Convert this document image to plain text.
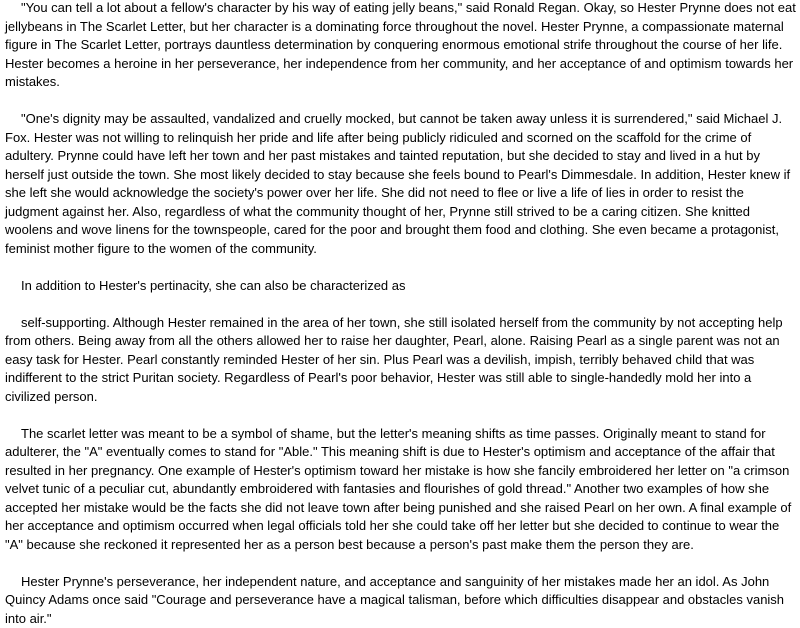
"You can tell a lot about a fellow's character by his way of eating jelly beans," said Ronald Regan. Okay, so Hester Prynne does not eat jellybeans in The Scarlet Letter, but her character is a dominating force throughout the novel. Hester Prynne, a compassionate maternal figure in The Scarlet Letter, portrays dauntless determination by conquering enormous emotional strife throughout the course of her life. Hester becomes a heroine in her perseverance, her independence from her community, and her acceptance of and optimism towards her mistakes.

"One's dignity may be assaulted, vandalized and cruelly mocked, but cannot be taken away unless it is surrendered," said Michael J. Fox. Hester was not willing to relinquish her pride and life after being publicly ridiculed and scorned on the scaffold for the crime of adultery. Prynne could have left her town and her past mistakes and tainted reputation, but she decided to stay and lived in a hut by herself just outside the town. She most likely decided to stay because she feels bound to Pearl's Dimmesdale. In addition, Hester knew if she left she would acknowledge the society's power over her life. She did not need to flee or live a life of lies in order to resist the judgment against her. Also, regardless of what the community thought of her, Prynne still strived to be a caring citizen. She knitted woolens and wove linens for the townspeople, cared for the poor and brought them food and clothing. She even became a protagonist, feminist mother figure to the women of the community.

In addition to Hester's pertinacity, she can also be characterized as

self-supporting. Although Hester remained in the area of her town, she still isolated herself from the community by not accepting help from others. Being away from all the others allowed her to raise her daughter, Pearl, alone. Raising Pearl as a single parent was not an easy task for Hester. Pearl constantly reminded Hester of her sin. Plus Pearl was a devilish, impish, terribly behaved child that was indifferent to the strict Puritan society. Regardless of Pearl's poor behavior, Hester was still able to single-handedly mold her into a civilized person.

The scarlet letter was meant to be a symbol of shame, but the letter's meaning shifts as time passes. Originally meant to stand for adulterer, the "A" eventually comes to stand for "Able." This meaning shift is due to Hester's optimism and acceptance of the affair that resulted in her pregnancy. One example of Hester's optimism toward her mistake is how she fancily embroidered her letter on "a crimson velvet tunic of a peculiar cut, abundantly embroidered with fantasies and flourishes of gold thread." Another two examples of how she accepted her mistake would be the facts she did not leave town after being punished and she raised Pearl on her own. A final example of her acceptance and optimism occurred when legal officials told her she could take off her letter but she decided to continue to wear the "A" because she reckoned it represented her as a person best because a person's past make them the person they are.

Hester Prynne's perseverance, her independent nature, and acceptance and sanguinity of her mistakes made her an idol. As John Quincy Adams once said "Courage and perseverance have a magical talisman, before which difficulties disappear and obstacles vanish into air."
